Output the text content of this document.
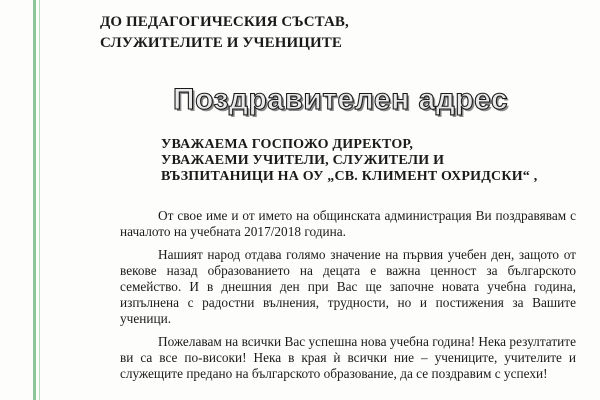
ДО ПЕДАГОГИЧЕСКИЯ СЪСТАВ,
СЛУЖИТЕЛИТЕ И УЧЕНИЦИТЕ
Поздравителен адрес
УВАЖАЕМА ГОСПОЖО ДИРЕКТОР,
УВАЖАЕМИ УЧИТЕЛИ, СЛУЖИТЕЛИ И
ВЪЗПИТАНИЦИ НА ОУ „СВ. КЛИМЕНТ ОХРИДСКИ“ ,

От свое име и от името на общинската администрация Ви поздравявам с началото на учебната 2017/2018 година.

Нашият народ отдава голямо значение на първия учебен ден, защото от векове назад образованието на децата е важна ценност за българското семейство. И в днешния ден при Вас ще започне новата учебна година, изпълнена с радостни вълнения, трудности, но и постижения за Вашите ученици.

Пожелавам на всички Вас успешна нова учебна година! Нека резултатите ви са все по-високи! Нека в края ѝ всички ние – учениците, учителите и служещите предано на българското образование, да се поздравим с успехи!
